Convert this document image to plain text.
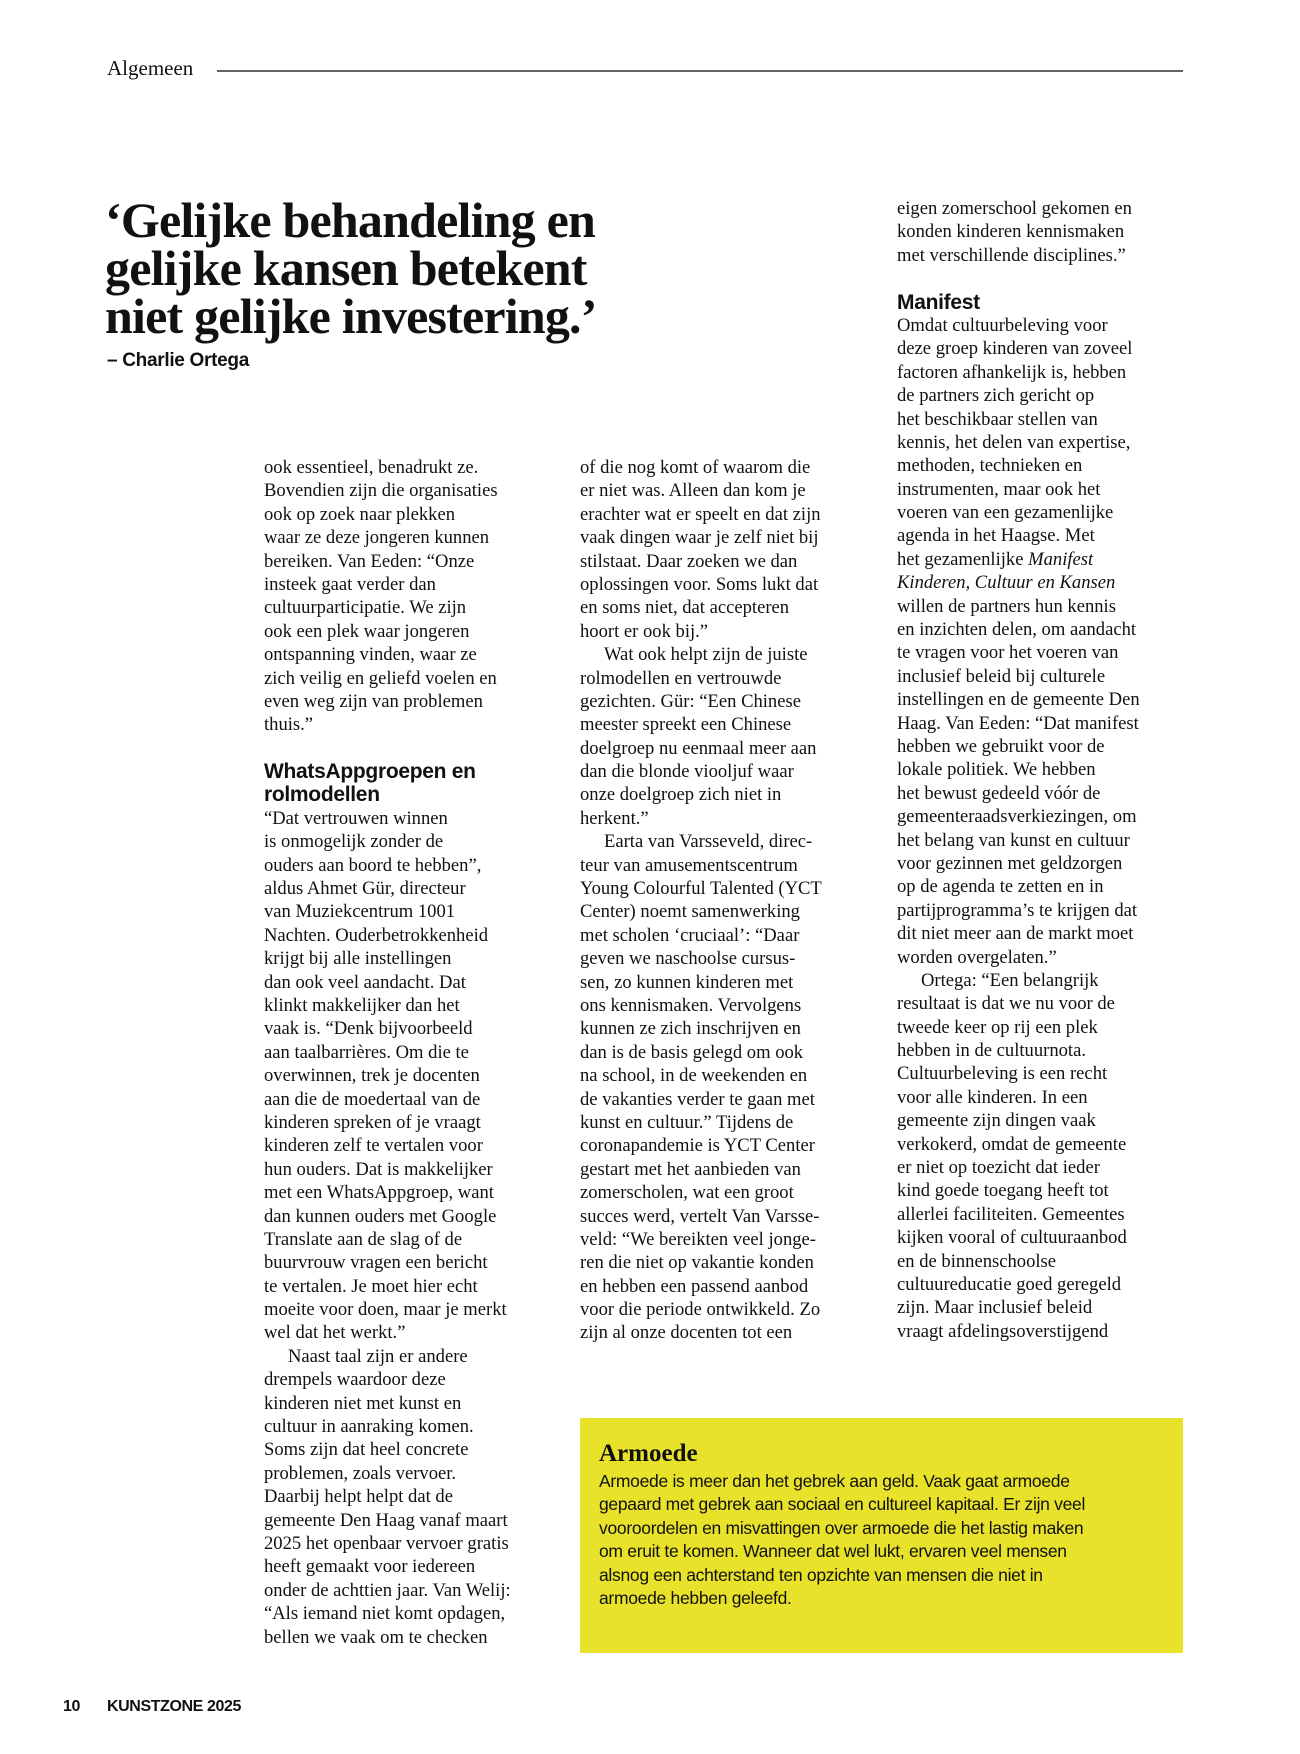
Algemeen
‘Gelijke behandeling en
gelijke kansen betekent
niet gelijke investering.’
– Charlie Ortega
ook essentieel, benadrukt ze.
Bovendien zijn die organisaties
ook op zoek naar plekken
waar ze deze jongeren kunnen
bereiken. Van Eeden: “Onze
insteek gaat verder dan
cultuurparticipatie. We zijn
ook een plek waar jongeren
ontspanning vinden, waar ze
zich veilig en geliefd voelen en
even weg zijn van problemen
thuis.”
WhatsAppgroepen en
rolmodellen
“Dat vertrouwen winnen
is onmogelijk zonder de
ouders aan boord te hebben”,
aldus Ahmet Gür, directeur
van Muziekcentrum 1001
Nachten. Ouderbetrokkenheid
krijgt bij alle instellingen
dan ook veel aandacht. Dat
klinkt makkelijker dan het
vaak is. “Denk bijvoorbeeld
aan taalbarrières. Om die te
overwinnen, trek je docenten
aan die de moedertaal van de
kinderen spreken of je vraagt
kinderen zelf te vertalen voor
hun ouders. Dat is makkelijker
met een WhatsAppgroep, want
dan kunnen ouders met Google
Translate aan de slag of de
buurvrouw vragen een bericht
te vertalen. Je moet hier echt
moeite voor doen, maar je merkt
wel dat het werkt.”
Naast taal zijn er andere
drempels waardoor deze
kinderen niet met kunst en
cultuur in aanraking komen.
Soms zijn dat heel concrete
problemen, zoals vervoer.
Daarbij helpt helpt dat de
gemeente Den Haag vanaf maart
2025 het openbaar vervoer gratis
heeft gemaakt voor iedereen
onder de achttien jaar. Van Welij:
“Als iemand niet komt opdagen,
bellen we vaak om te checken
of die nog komt of waarom die
er niet was. Alleen dan kom je
erachter wat er speelt en dat zijn
vaak dingen waar je zelf niet bij
stilstaat. Daar zoeken we dan
oplossingen voor. Soms lukt dat
en soms niet, dat accepteren
hoort er ook bij.”
Wat ook helpt zijn de juiste
rolmodellen en vertrouwde
gezichten. Gür: “Een Chinese
meester spreekt een Chinese
doelgroep nu eenmaal meer aan
dan die blonde viooljuf waar
onze doelgroep zich niet in
herkent.”
Earta van Varsseveld, direc-
teur van amusementscentrum
Young Colourful Talented (YCT
Center) noemt samenwerking
met scholen ‘cruciaal’: “Daar
geven we naschoolse cursus-
sen, zo kunnen kinderen met
ons kennismaken. Vervolgens
kunnen ze zich inschrijven en
dan is de basis gelegd om ook
na school, in de weekenden en
de vakanties verder te gaan met
kunst en cultuur.” Tijdens de
coronapandemie is YCT Center
gestart met het aanbieden van
zomerscholen, wat een groot
succes werd, vertelt Van Varsse-
veld: “We bereikten veel jonge-
ren die niet op vakantie konden
en hebben een passend aanbod
voor die periode ontwikkeld. Zo
zijn al onze docenten tot een
eigen zomerschool gekomen en
konden kinderen kennismaken
met verschillende disciplines.”
Manifest
Omdat cultuurbeleving voor
deze groep kinderen van zoveel
factoren afhankelijk is, hebben
de partners zich gericht op
het beschikbaar stellen van
kennis, het delen van expertise,
methoden, technieken en
instrumenten, maar ook het
voeren van een gezamenlijke
agenda in het Haagse. Met
het gezamenlijke Manifest
Kinderen, Cultuur en Kansen
willen de partners hun kennis
en inzichten delen, om aandacht
te vragen voor het voeren van
inclusief beleid bij culturele
instellingen en de gemeente Den
Haag. Van Eeden: “Dat manifest
hebben we gebruikt voor de
lokale politiek. We hebben
het bewust gedeeld vóór de
gemeenteraadsverkiezingen, om
het belang van kunst en cultuur
voor gezinnen met geldzorgen
op de agenda te zetten en in
partijprogramma’s te krijgen dat
dit niet meer aan de markt moet
worden overgelaten.”
Ortega: “Een belangrijk
resultaat is dat we nu voor de
tweede keer op rij een plek
hebben in de cultuurnota.
Cultuurbeleving is een recht
voor alle kinderen. In een
gemeente zijn dingen vaak
verkokerd, omdat de gemeente
er niet op toezicht dat ieder
kind goede toegang heeft tot
allerlei faciliteiten. Gemeentes
kijken vooral of cultuuraanbod
en de binnenschoolse
cultuureducatie goed geregeld
zijn. Maar inclusief beleid
vraagt afdelingsoverstijgend
Armoede
Armoede is meer dan het gebrek aan geld. Vaak gaat armoede
gepaard met gebrek aan sociaal en cultureel kapitaal. Er zijn veel
vooroordelen en misvattingen over armoede die het lastig maken
om eruit te komen. Wanneer dat wel lukt, ervaren veel mensen
alsnog een achterstand ten opzichte van mensen die niet in
armoede hebben geleefd.
10 KUNSTZONE 2025
